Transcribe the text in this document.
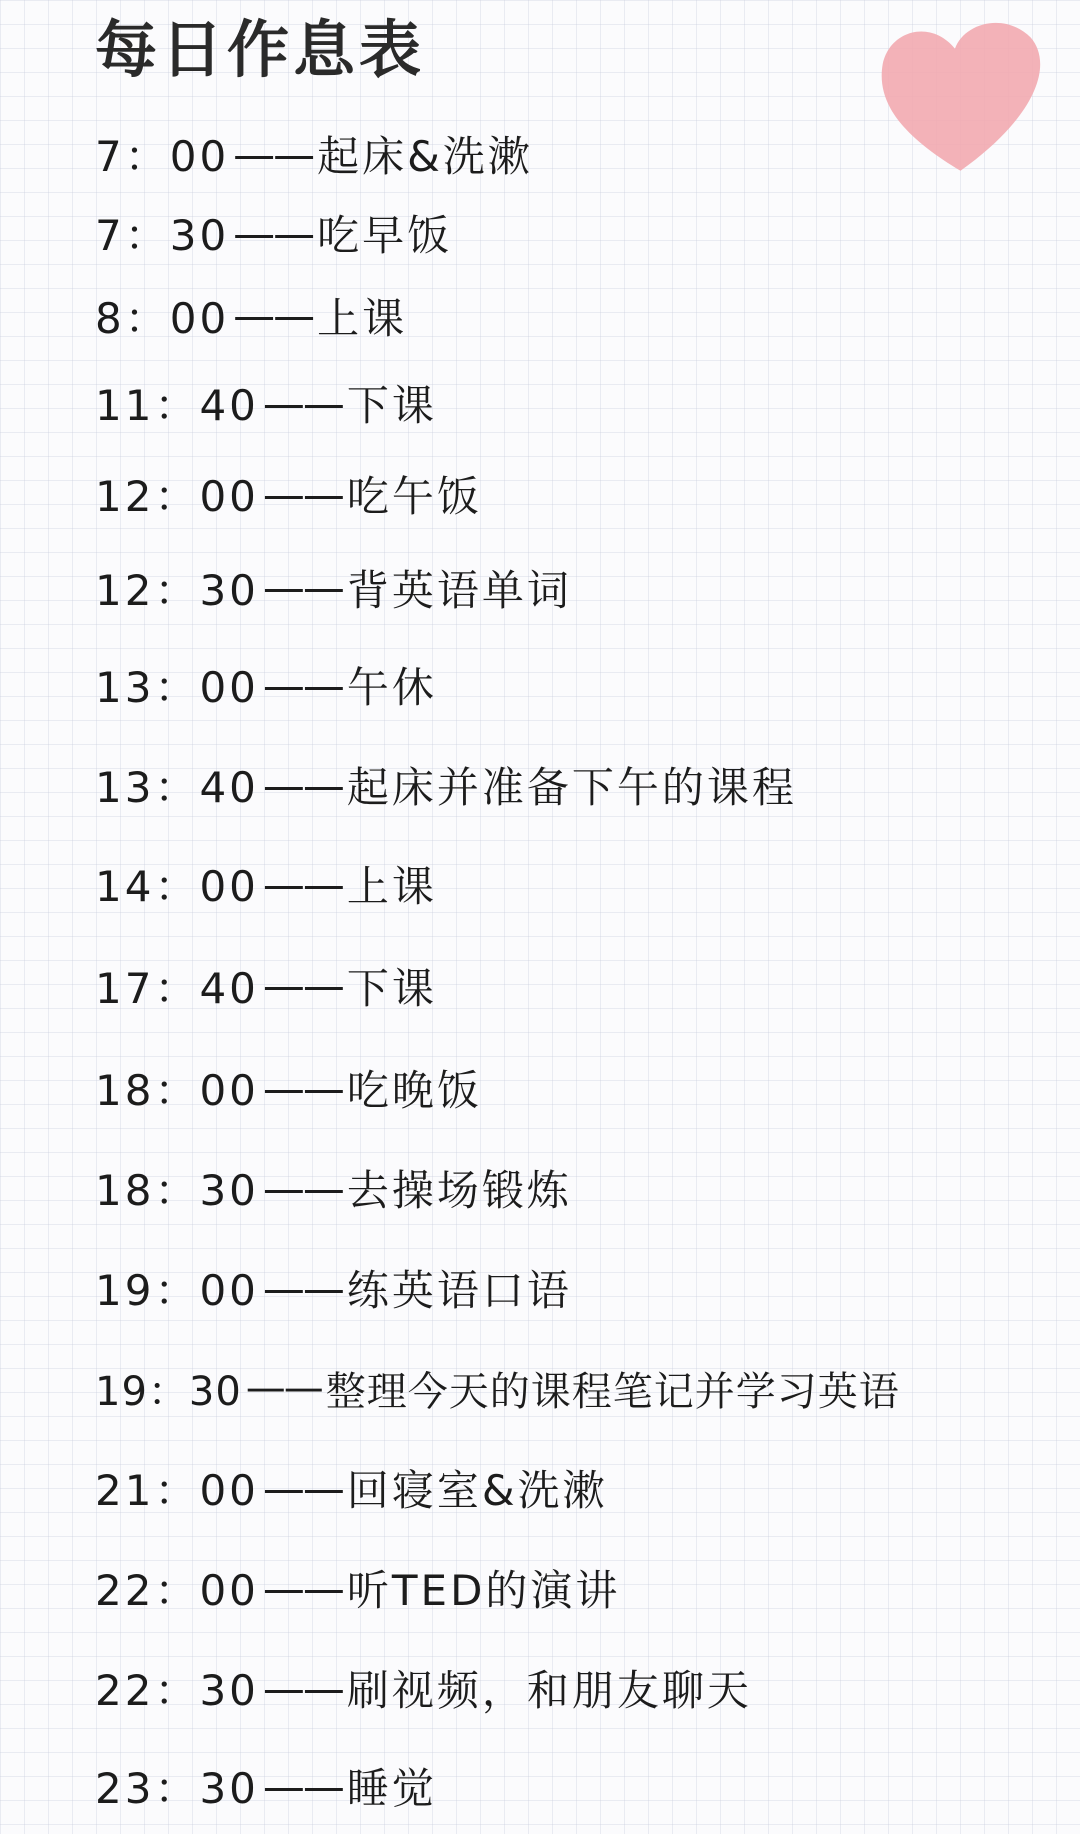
每日作息表
7：00 —— 起床&洗漱
7：30 —— 吃早饭
8：00 —— 上课
11：40 —— 下课
12：00 —— 吃午饭
12：30 —— 背英语单词
13：00 —— 午休
13：40 —— 起床并准备下午的课程
14：00 —— 上课
17：40 —— 下课
18：00 —— 吃晚饭
18：30 —— 去操场锻炼
19：00 —— 练英语口语
19：30 —— 整理今天的课程笔记并学习英语
21：00 —— 回寝室&洗漱
22：00 —— 听TED的演讲
22：30 —— 刷视频，和朋友聊天
23：30 —— 睡觉
